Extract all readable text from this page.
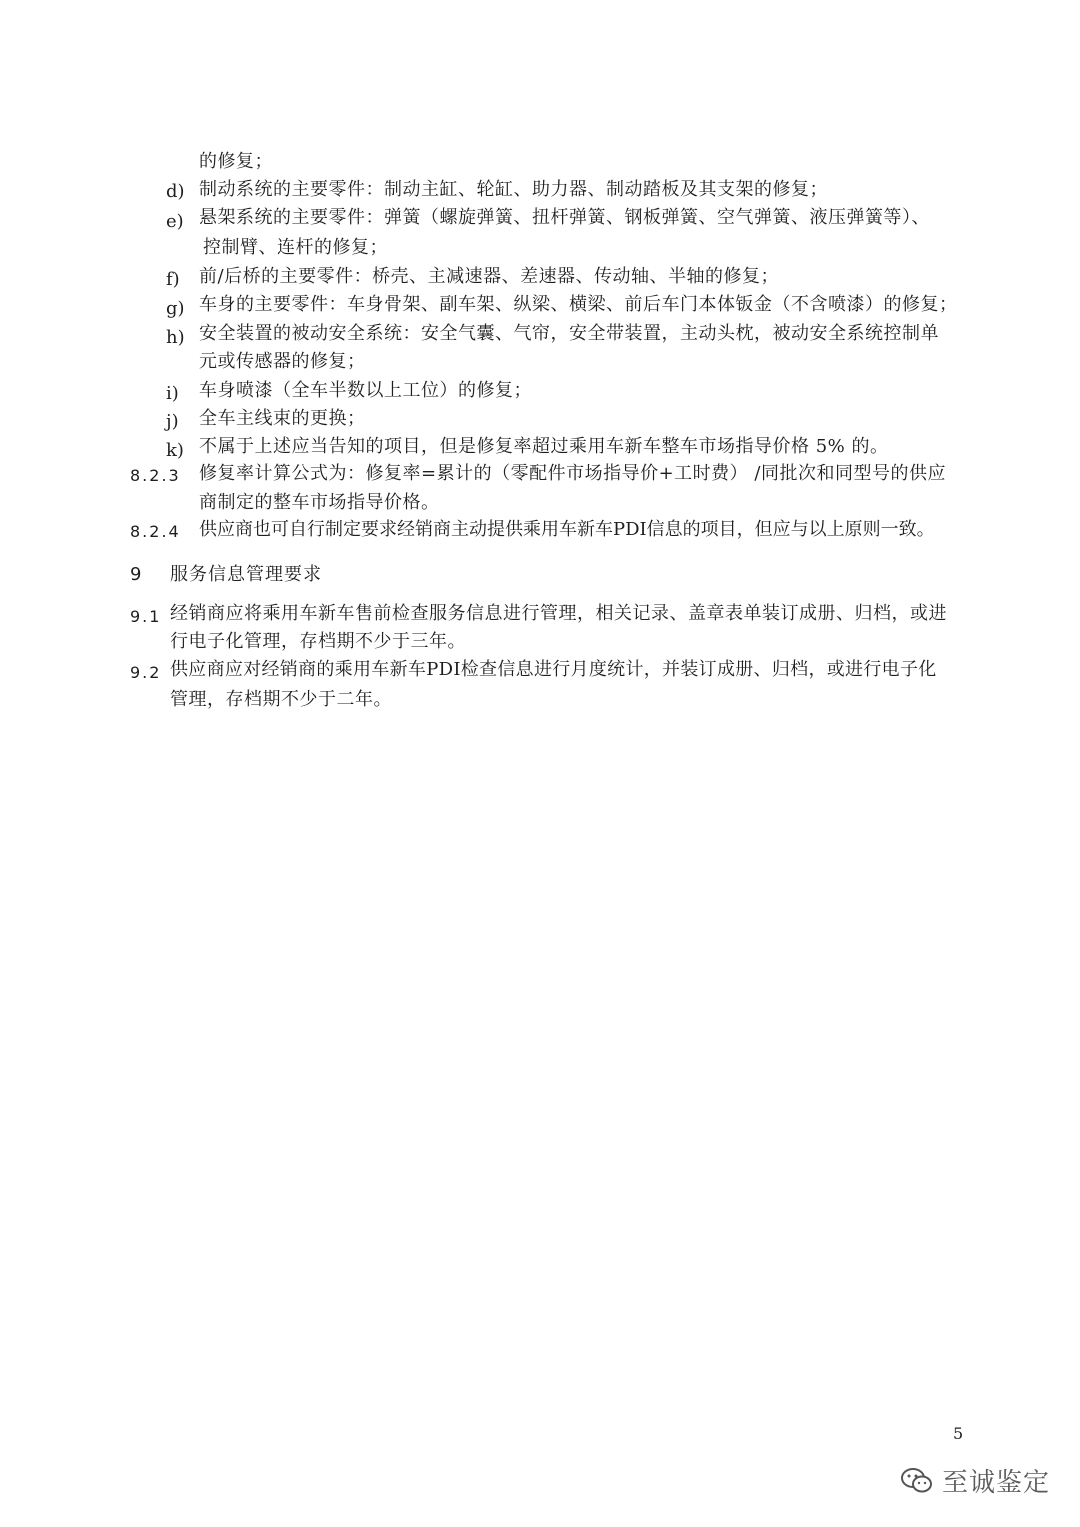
的修复；
d) 制动系统的主要零件：制动主缸、轮缸、助力器、制动踏板及其支架的修复；
e) 悬架系统的主要零件：弹簧（螺旋弹簧、扭杆弹簧、钢板弹簧、空气弹簧、液压弹簧等）、
控制臂、连杆的修复；
f) 前/后桥的主要零件：桥壳、主减速器、差速器、传动轴、半轴的修复；
g) 车身的主要零件：车身骨架、副车架、纵梁、横梁、前后车门本体钣金（不含喷漆）的修复；
h) 安全装置的被动安全系统：安全气囊、气帘，安全带装置，主动头枕，被动安全系统控制单
元或传感器的修复；
i) 车身喷漆（全车半数以上工位）的修复；
j) 全车主线束的更换；
k) 不属于上述应当告知的项目，但是修复率超过乘用车新车整车市场指导价格 5% 的。
8.2.3 修复率计算公式为：修复率=累计的（零配件市场指导价+工时费） /同批次和同型号的供应
商制定的整车市场指导价格。
8.2.4 供应商也可自行制定要求经销商主动提供乘用车新车PDI信息的项目，但应与以上原则一致。
9 服务信息管理要求
9.1 经销商应将乘用车新车售前检查服务信息进行管理，相关记录、盖章表单装订成册、归档，或进
行电子化管理，存档期不少于三年。
9.2 供应商应对经销商的乘用车新车PDI检查信息进行月度统计，并装订成册、归档，或进行电子化
管理，存档期不少于二年。
5
至诚鉴定
